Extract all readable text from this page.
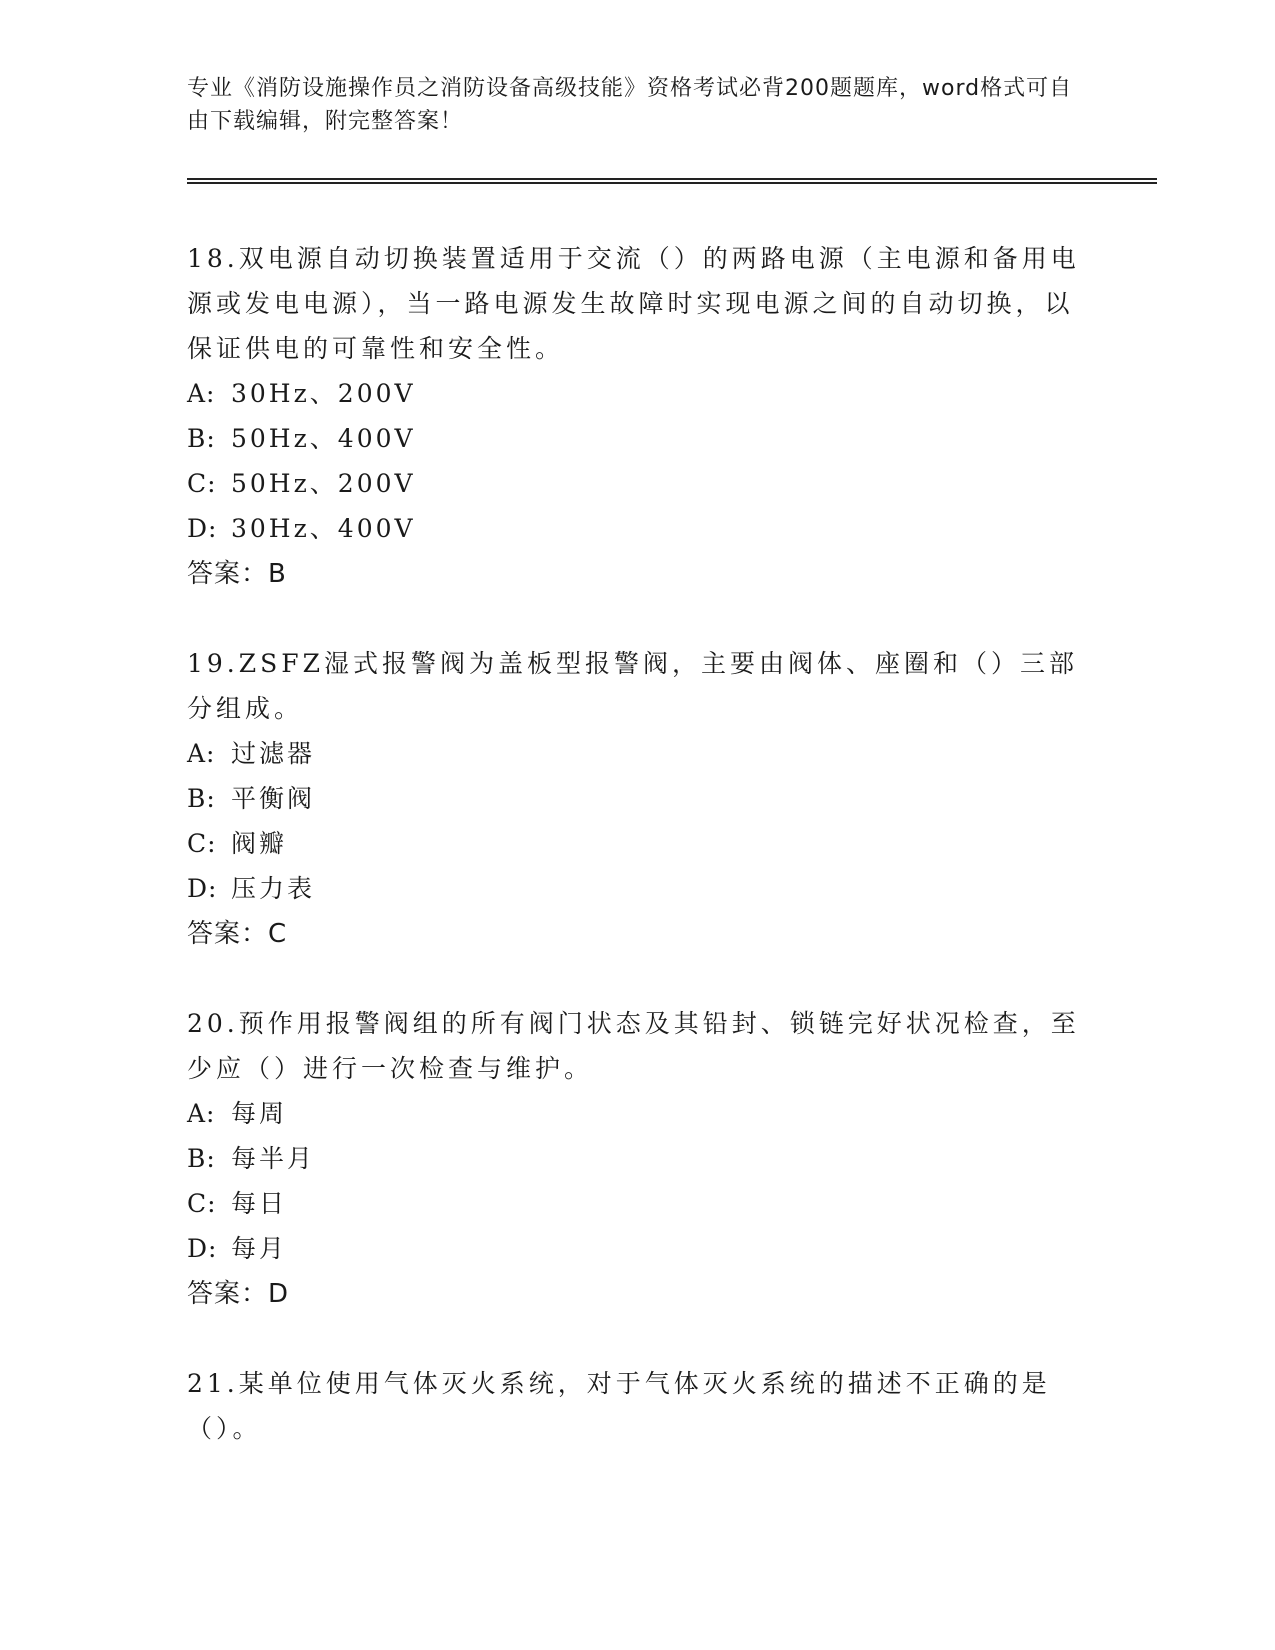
专业《消防设施操作员之消防设备高级技能》资格考试必背200题题库，word格式可自由下载编辑，附完整答案！

18.双电源自动切换装置适用于交流（）的两路电源（主电源和备用电源或发电电源），当一路电源发生故障时实现电源之间的自动切换，以保证供电的可靠性和安全性。

A: 30Hz、200V

B: 50Hz、400V

C: 50Hz、200V

D: 30Hz、400V

答案：B

19.ZSFZ湿式报警阀为盖板型报警阀，主要由阀体、座圈和（）三部分组成。

A: 过滤器

B: 平衡阀

C: 阀瓣

D: 压力表

答案：C

20.预作用报警阀组的所有阀门状态及其铅封、锁链完好状况检查，至少应（）进行一次检查与维护。

A: 每周

B: 每半月

C: 每日

D: 每月

答案：D

21.某单位使用气体灭火系统，对于气体灭火系统的描述不正确的是（）。
